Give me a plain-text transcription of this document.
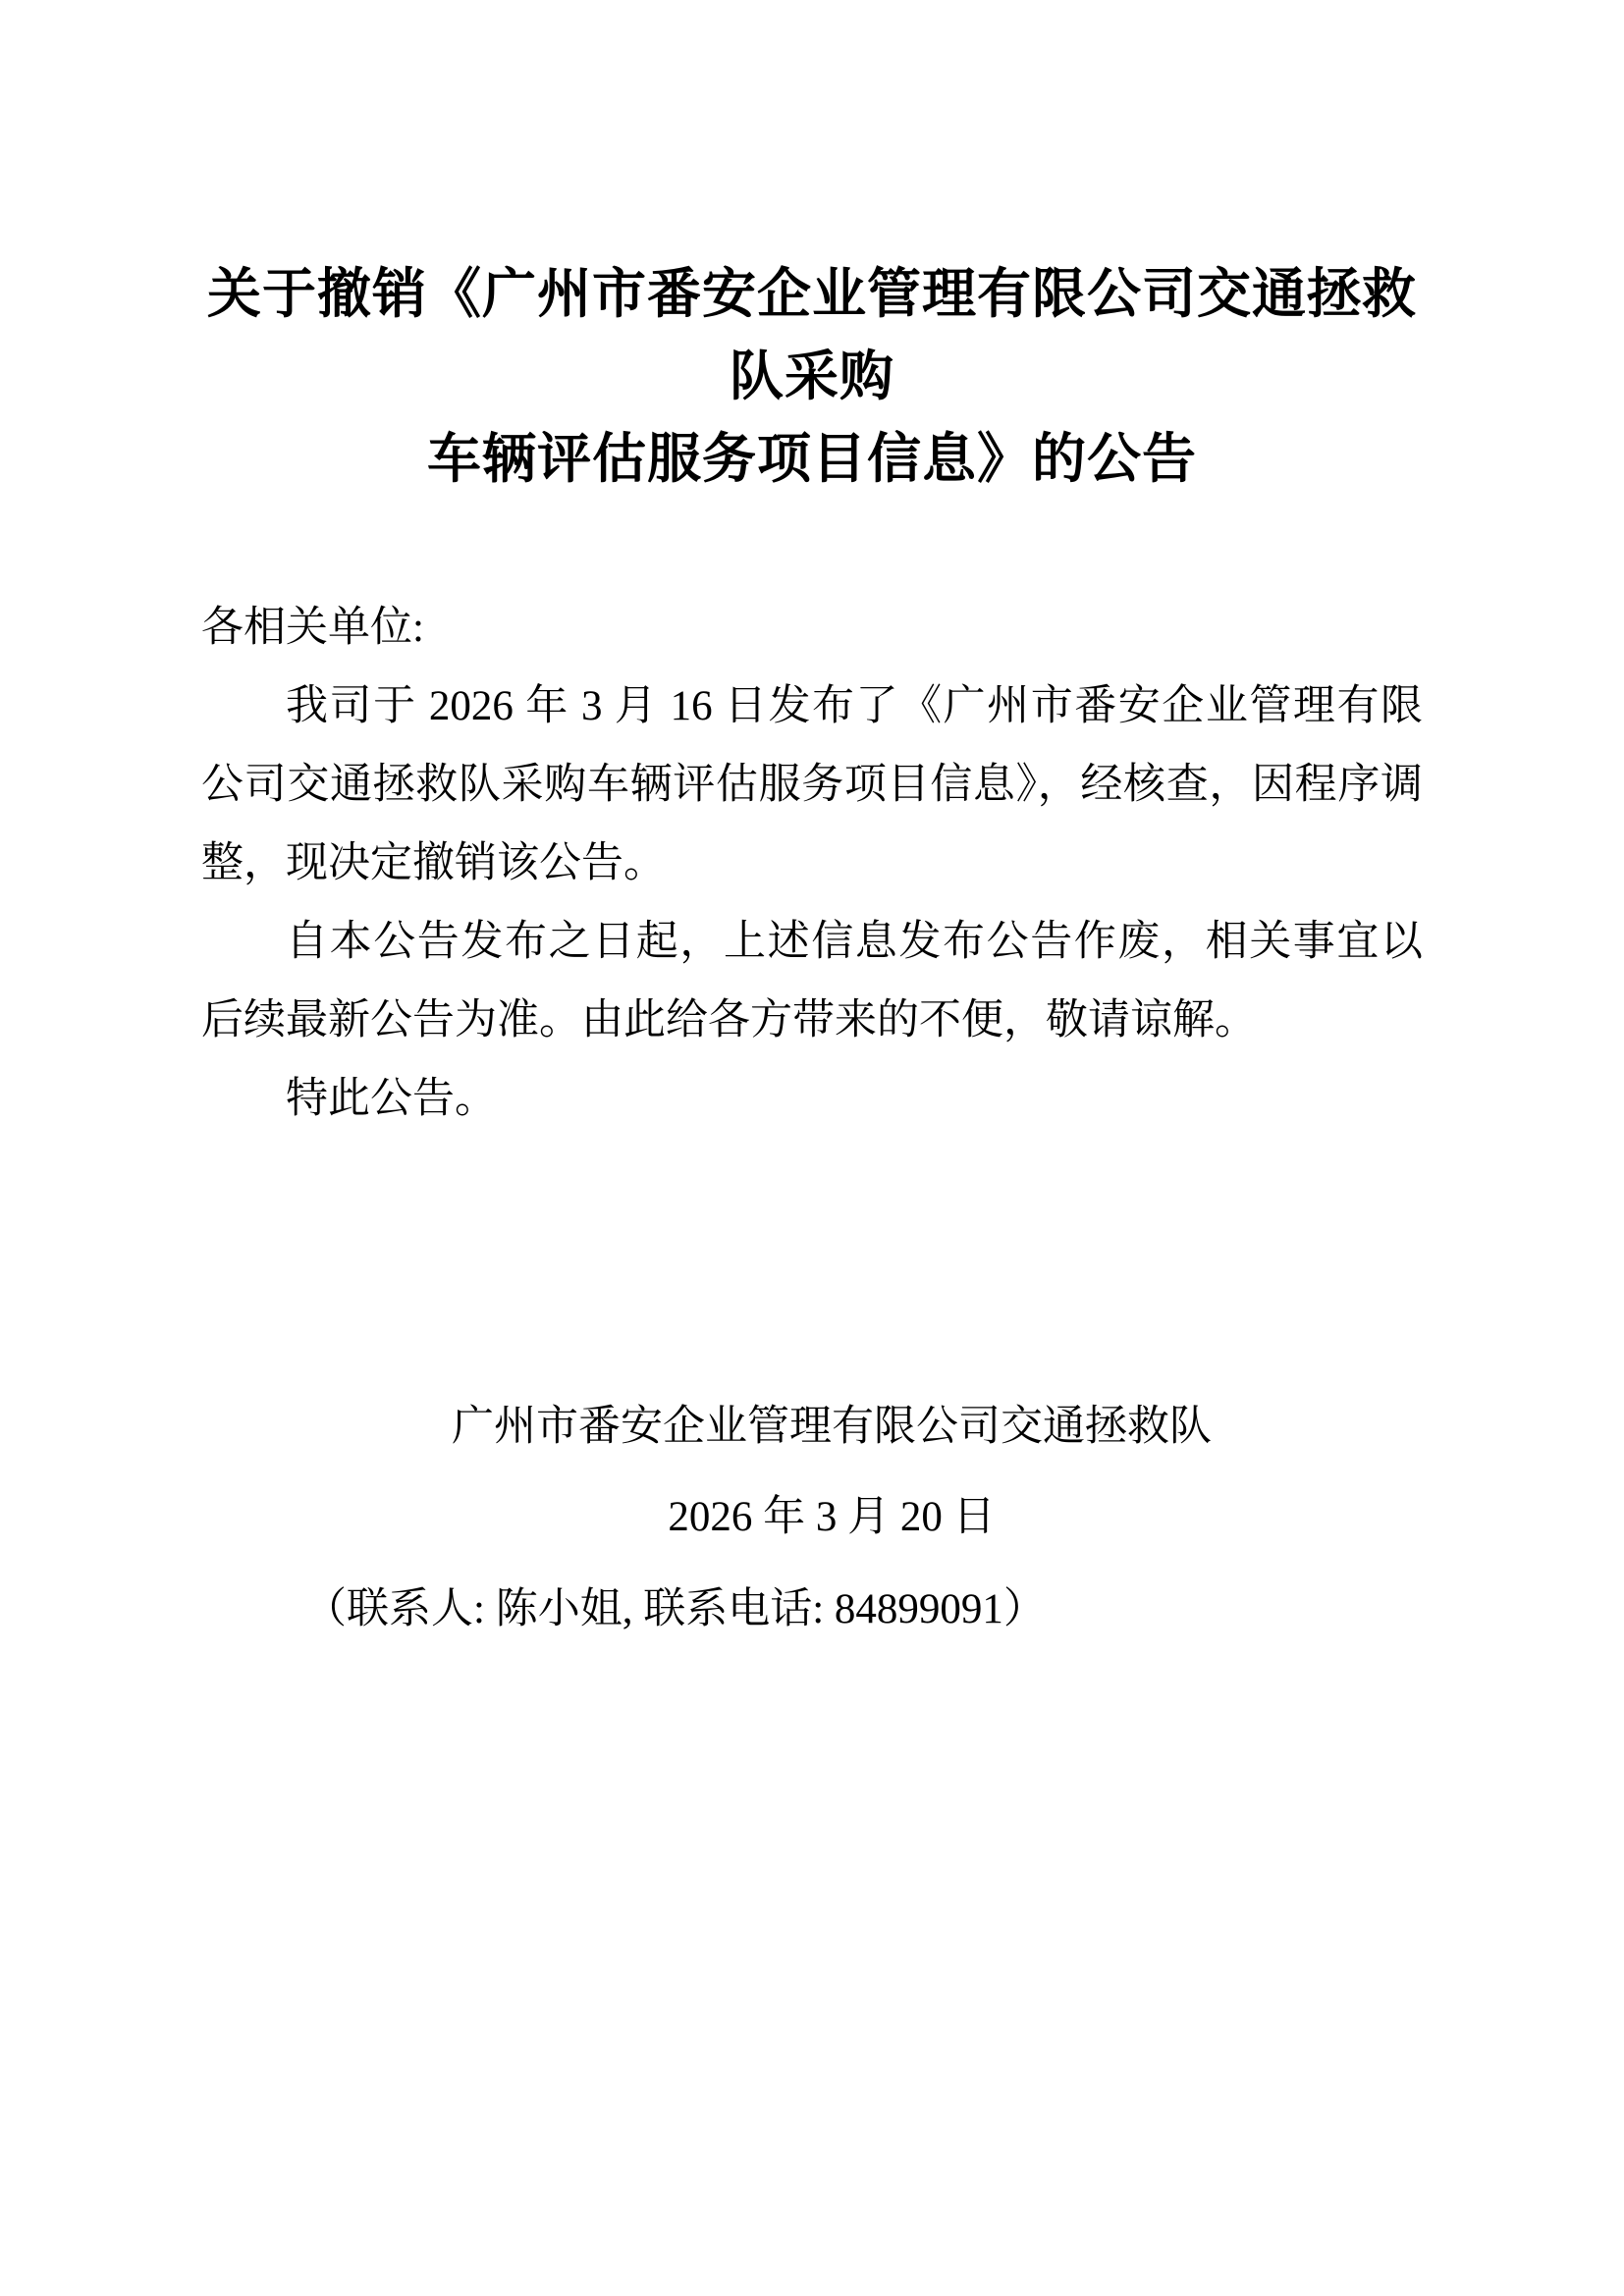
关于撤销《广州市番安企业管理有限公司交通拯救队采购
车辆评估服务项目信息》的公告

各相关单位:

我司于 2026 年 3 月 16 日发布了《广州市番安企业管理有限公司交通拯救队采购车辆评估服务项目信息》，经核查，因程序调整，现决定撤销该公告。

自本公告发布之日起，上述信息发布公告作废，相关事宜以后续最新公告为准。由此给各方带来的不便，敬请谅解。

特此公告。

广州市番安企业管理有限公司交通拯救队
2026 年 3 月 20 日

（联系人: 陈小姐, 联系电话: 84899091）
